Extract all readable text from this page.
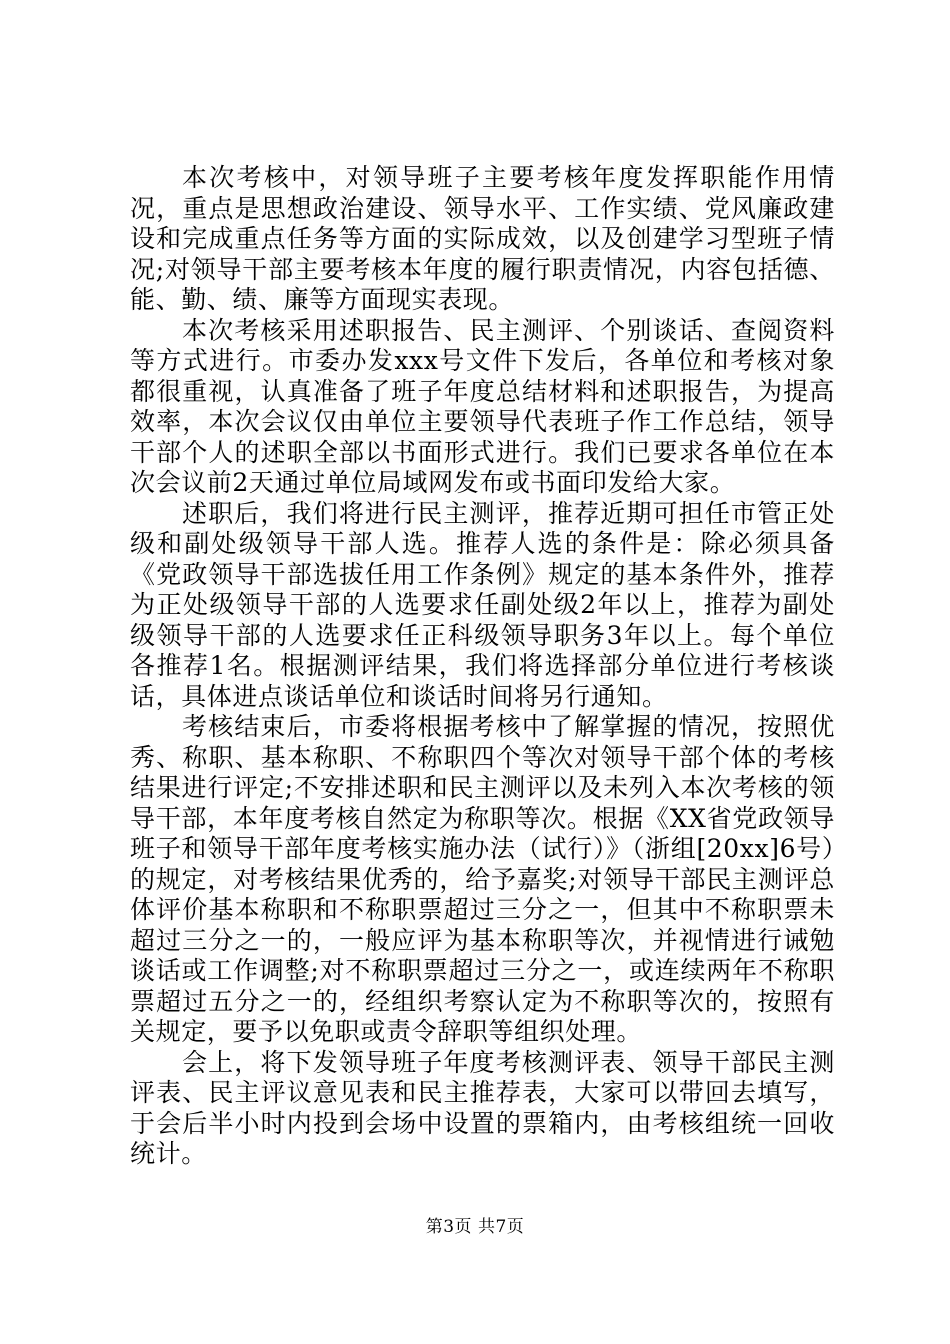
本次考核中，对领导班子主要考核年度发挥职能作用情况，重点是思想政治建设、领导水平、工作实绩、党风廉政建设和完成重点任务等方面的实际成效，以及创建学习型班子情况;对领导干部主要考核本年度的履行职责情况，内容包括德、能、勤、绩、廉等方面现实表现。

本次考核采用述职报告、民主测评、个别谈话、查阅资料等方式进行。市委办发xxx号文件下发后，各单位和考核对象都很重视，认真准备了班子年度总结材料和述职报告，为提高效率，本次会议仅由单位主要领导代表班子作工作总结，领导干部个人的述职全部以书面形式进行。我们已要求各单位在本次会议前2天通过单位局域网发布或书面印发给大家。

述职后，我们将进行民主测评，推荐近期可担任市管正处级和副处级领导干部人选。推荐人选的条件是：除必须具备《党政领导干部选拔任用工作条例》规定的基本条件外，推荐为正处级领导干部的人选要求任副处级2年以上，推荐为副处级领导干部的人选要求任正科级领导职务3年以上。每个单位各推荐1名。根据测评结果，我们将选择部分单位进行考核谈话，具体进点谈话单位和谈话时间将另行通知。

考核结束后，市委将根据考核中了解掌握的情况，按照优秀、称职、基本称职、不称职四个等次对领导干部个体的考核结果进行评定;不安排述职和民主测评以及未列入本次考核的领导干部，本年度考核自然定为称职等次。根据《XX省党政领导班子和领导干部年度考核实施办法（试行）》（浙组[20xx]6号）的规定，对考核结果优秀的，给予嘉奖;对领导干部民主测评总体评价基本称职和不称职票超过三分之一，但其中不称职票未超过三分之一的，一般应评为基本称职等次，并视情进行诫勉谈话或工作调整;对不称职票超过三分之一，或连续两年不称职票超过五分之一的，经组织考察认定为不称职等次的，按照有关规定，要予以免职或责令辞职等组织处理。

会上，将下发领导班子年度考核测评表、领导干部民主测评表、民主评议意见表和民主推荐表，大家可以带回去填写，于会后半小时内投到会场中设置的票箱内，由考核组统一回收统计。

第3页 共7页
